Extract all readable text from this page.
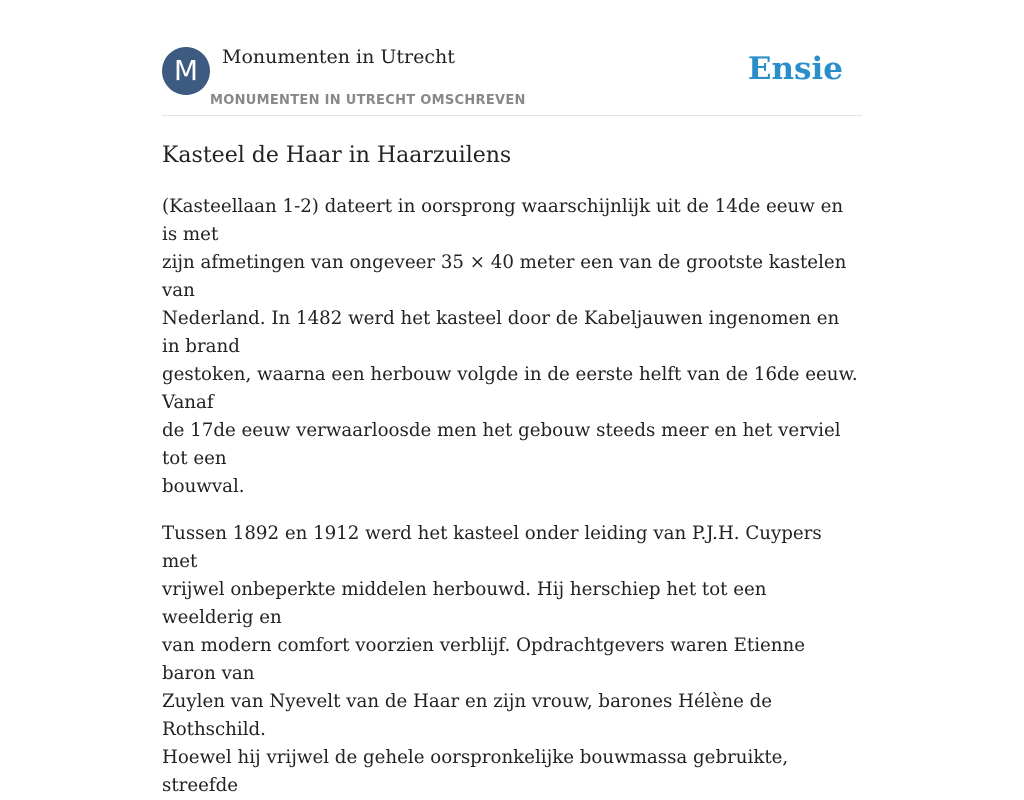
M	Monumenten in Utrecht
MONUMENTEN IN UTRECHT OMSCHREVEN
Ensie
Kasteel de Haar in Haarzuilens

(Kasteellaan 1-2) dateert in oorsprong waarschijnlijk uit de 14de eeuw en is met
zijn afmetingen van ongeveer 35 × 40 meter een van de grootste kastelen van
Nederland. In 1482 werd het kasteel door de Kabeljauwen ingenomen en in brand
gestoken, waarna een herbouw volgde in de eerste helft van de 16de eeuw. Vanaf
de 17de eeuw verwaarloosde men het gebouw steeds meer en het verviel tot een
bouwval.

Tussen 1892 en 1912 werd het kasteel onder leiding van P.J.H. Cuypers met
vrijwel onbeperkte middelen herbouwd. Hij herschiep het tot een weelderig en
van modern comfort voorzien verblijf. Opdrachtgevers waren Etienne baron van
Zuylen van Nyevelt van de Haar en zijn vrouw, barones Hélène de Rothschild.
Hoewel hij vrijwel de gehele oorspronkelijke bouwmassa gebruikte, streefde
